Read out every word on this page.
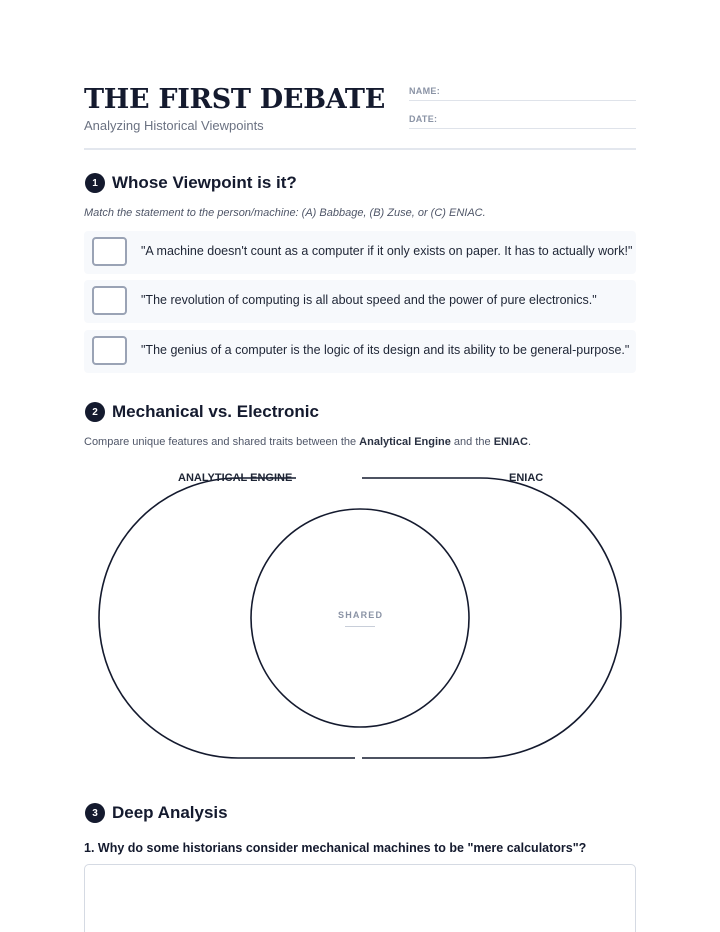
THE FIRST DEBATE
Analyzing Historical Viewpoints
NAME:
DATE:
1 Whose Viewpoint is it?
Match the statement to the person/machine: (A) Babbage, (B) Zuse, or (C) ENIAC.
"A machine doesn't count as a computer if it only exists on paper. It has to actually work!"
"The revolution of computing is all about speed and the power of pure electronics."
"The genius of a computer is the logic of its design and its ability to be general-purpose."
2 Mechanical vs. Electronic
Compare unique features and shared traits between the Analytical Engine and the ENIAC.
ANALYTICAL ENGINE	ENIAC
SHARED
3 Deep Analysis
1. Why do some historians consider mechanical machines to be "mere calculators"?
